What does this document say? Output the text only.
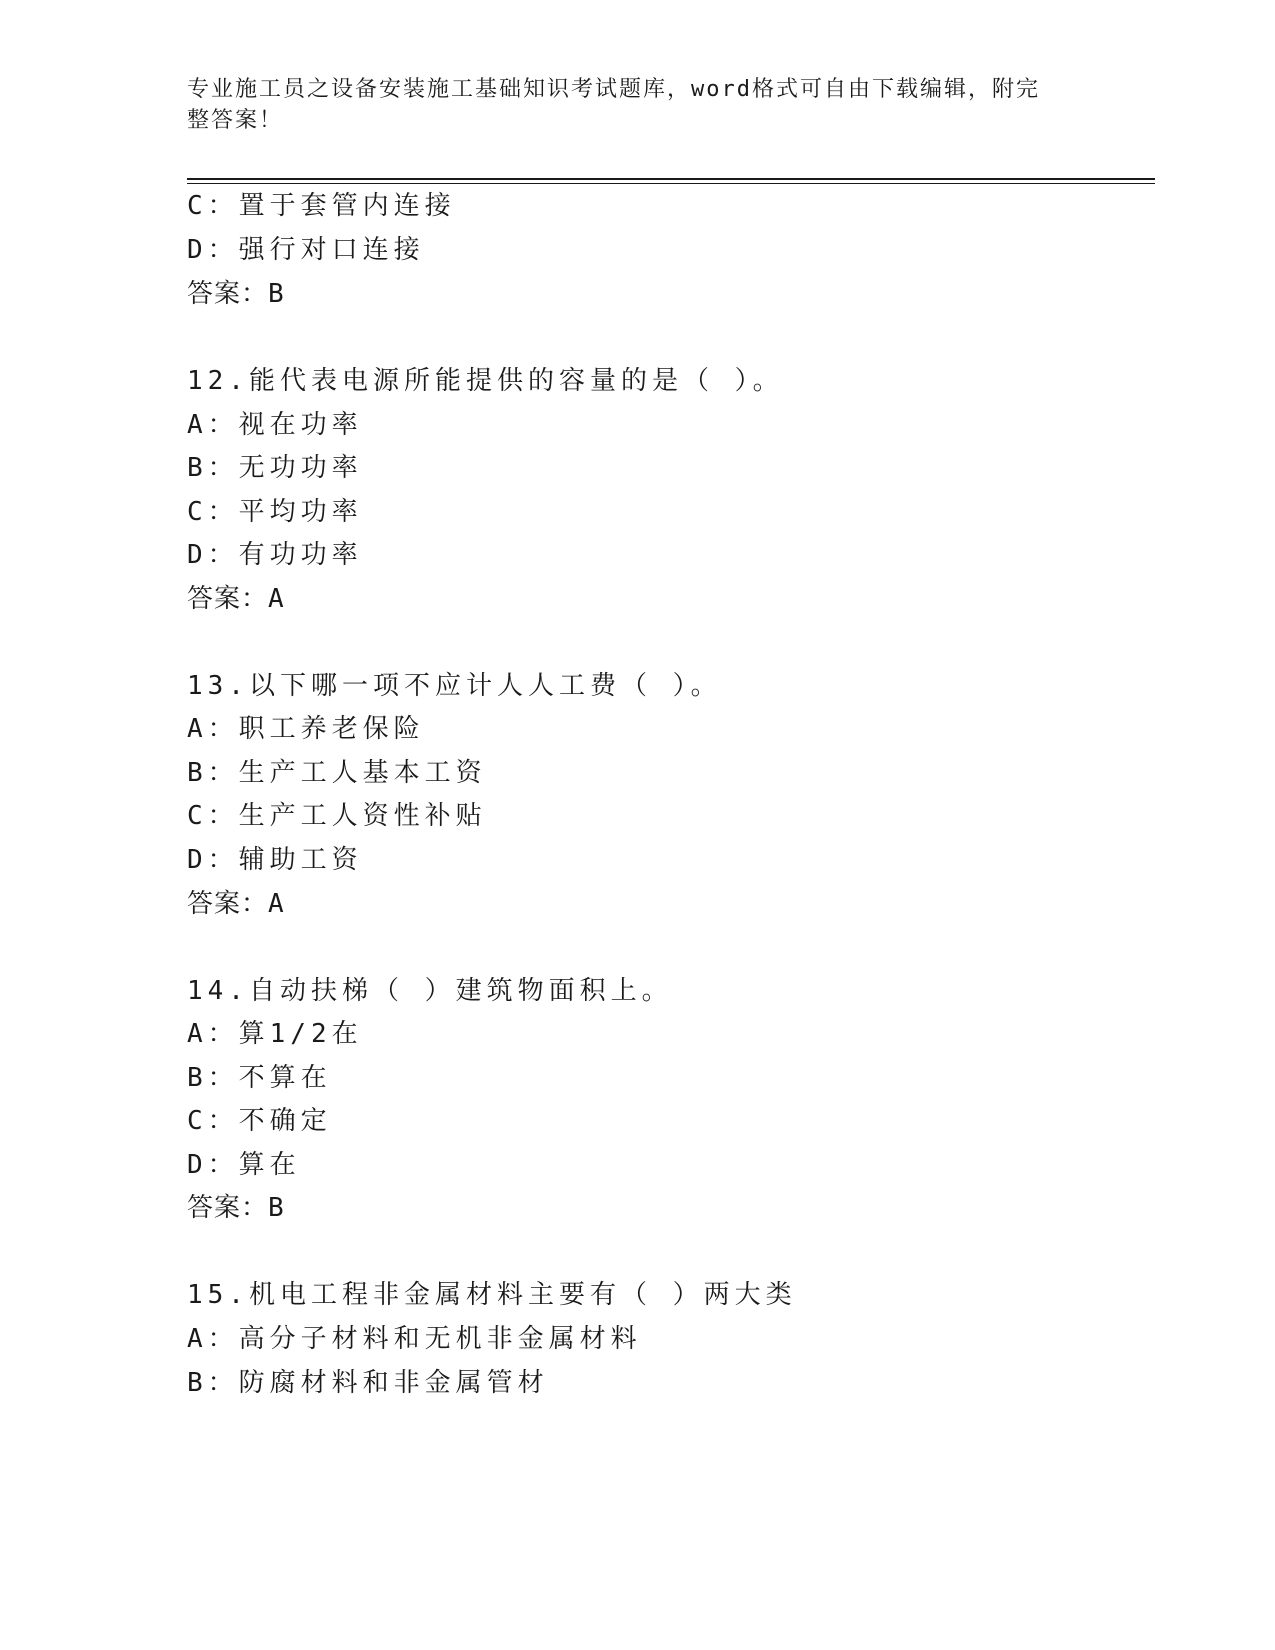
专业施工员之设备安装施工基础知识考试题库，word格式可自由下载编辑，附完
整答案！
C：置于套管内连接
D：强行对口连接
答案：B
12.能代表电源所能提供的容量的是（ ）。
A：视在功率
B：无功功率
C：平均功率
D：有功功率
答案：A
13.以下哪一项不应计人人工费（ ）。
A：职工养老保险
B：生产工人基本工资
C：生产工人资性补贴
D：辅助工资
答案：A
14.自动扶梯（ ）建筑物面积上。
A：算1/2在
B：不算在
C：不确定
D：算在
答案：B
15.机电工程非金属材料主要有（ ）两大类
A：高分子材料和无机非金属材料
B：防腐材料和非金属管材
